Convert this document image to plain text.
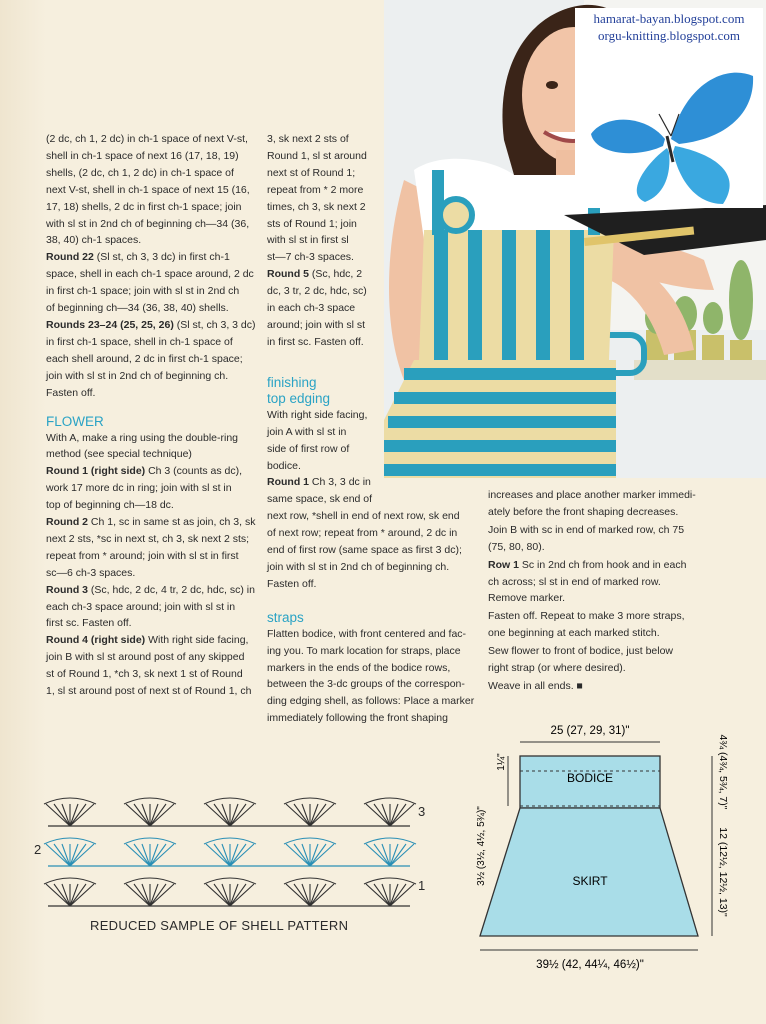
(2 dc, ch 1, 2 dc) in ch-1 space of next V-st,
shell in ch-1 space of next 16 (17, 18, 19)
shells, (2 dc, ch 1, 2 dc) in ch-1 space of
next V-st, shell in ch-1 space of next 15 (16,
17, 18) shells, 2 dc in first ch-1 space; join
with sl st in 2nd ch of beginning ch—34 (36,
38, 40) ch-1 spaces.

Round 22 (Sl st, ch 3, 3 dc) in first ch-1
space, shell in each ch-1 space around, 2 dc
in first ch-1 space; join with sl st in 2nd ch
of beginning ch—34 (36, 38, 40) shells.

Rounds 23–24 (25, 25, 26) (Sl st, ch 3, 3 dc)
in first ch-1 space, shell in ch-1 space of
each shell around, 2 dc in first ch-1 space;
join with sl st in 2nd ch of beginning ch.
Fasten off.

FLOWER

With A, make a ring using the double-ring
method (see special technique)

Round 1 (right side) Ch 3 (counts as dc),
work 17 more dc in ring; join with sl st in
top of beginning ch—18 dc.

Round 2 Ch 1, sc in same st as join, ch 3, sk
next 2 sts, *sc in next st, ch 3, sk next 2 sts;
repeat from * around; join with sl st in first
sc—6 ch-3 spaces.

Round 3 (Sc, hdc, 2 dc, 4 tr, 2 dc, hdc, sc) in
each ch-3 space around; join with sl st in
first sc. Fasten off.

Round 4 (right side) With right side facing,
join B with sl st around post of any skipped
st of Round 1, *ch 3, sk next 1 st of Round
1, sl st around post of next st of Round 1, ch

3, sk next 2 sts of
Round 1, sl st around
next st of Round 1;
repeat from * 2 more
times, ch 3, sk next 2
sts of Round 1; join
with sl st in first sl
st—7 ch-3 spaces.

Round 5 (Sc, hdc, 2
dc, 3 tr, 2 dc, hdc, sc)
in each ch-3 space
around; join with sl st
in first sc. Fasten off.

finishing
top edging

With right side facing,
join A with sl st in
side of first row of
bodice.

Round 1 Ch 3, 3 dc in
same space, sk end of
next row, *shell in end of next row, sk end
of next row; repeat from * around, 2 dc in
end of first row (same space as first 3 dc);
join with sl st in 2nd ch of beginning ch.
Fasten off.

straps

Flatten bodice, with front centered and fac-
ing you. To mark location for straps, place
markers in the ends of the bodice rows,
between the 3-dc groups of the correspon-
ding edging shell, as follows: Place a marker
immediately following the front shaping

increases and place another marker immedi-
ately before the front shaping decreases.

Join B with sc in end of marked row, ch 75
(75, 80, 80).

Row 1 Sc in 2nd ch from hook and in each
ch across; sl st in end of marked row.
Remove marker.

Fasten off. Repeat to make 3 more straps,
one beginning at each marked stitch.

Sew flower to front of bodice, just below
right strap (or where desired).

Weave in all ends. ■

hamarat-bayan.blogspot.com
orgu-knitting.blogspot.com
1
2
3
REDUCED SAMPLE OF SHELL PATTERN
BODICE
SKIRT
25 (27, 29, 31)"
39½ (42, 44¼, 46½)"
4¾ (4¾, 5¾, 7)"
12 (12½, 12½, 13)"
1¼"
3½ (3½, 4½, 5¾)"
